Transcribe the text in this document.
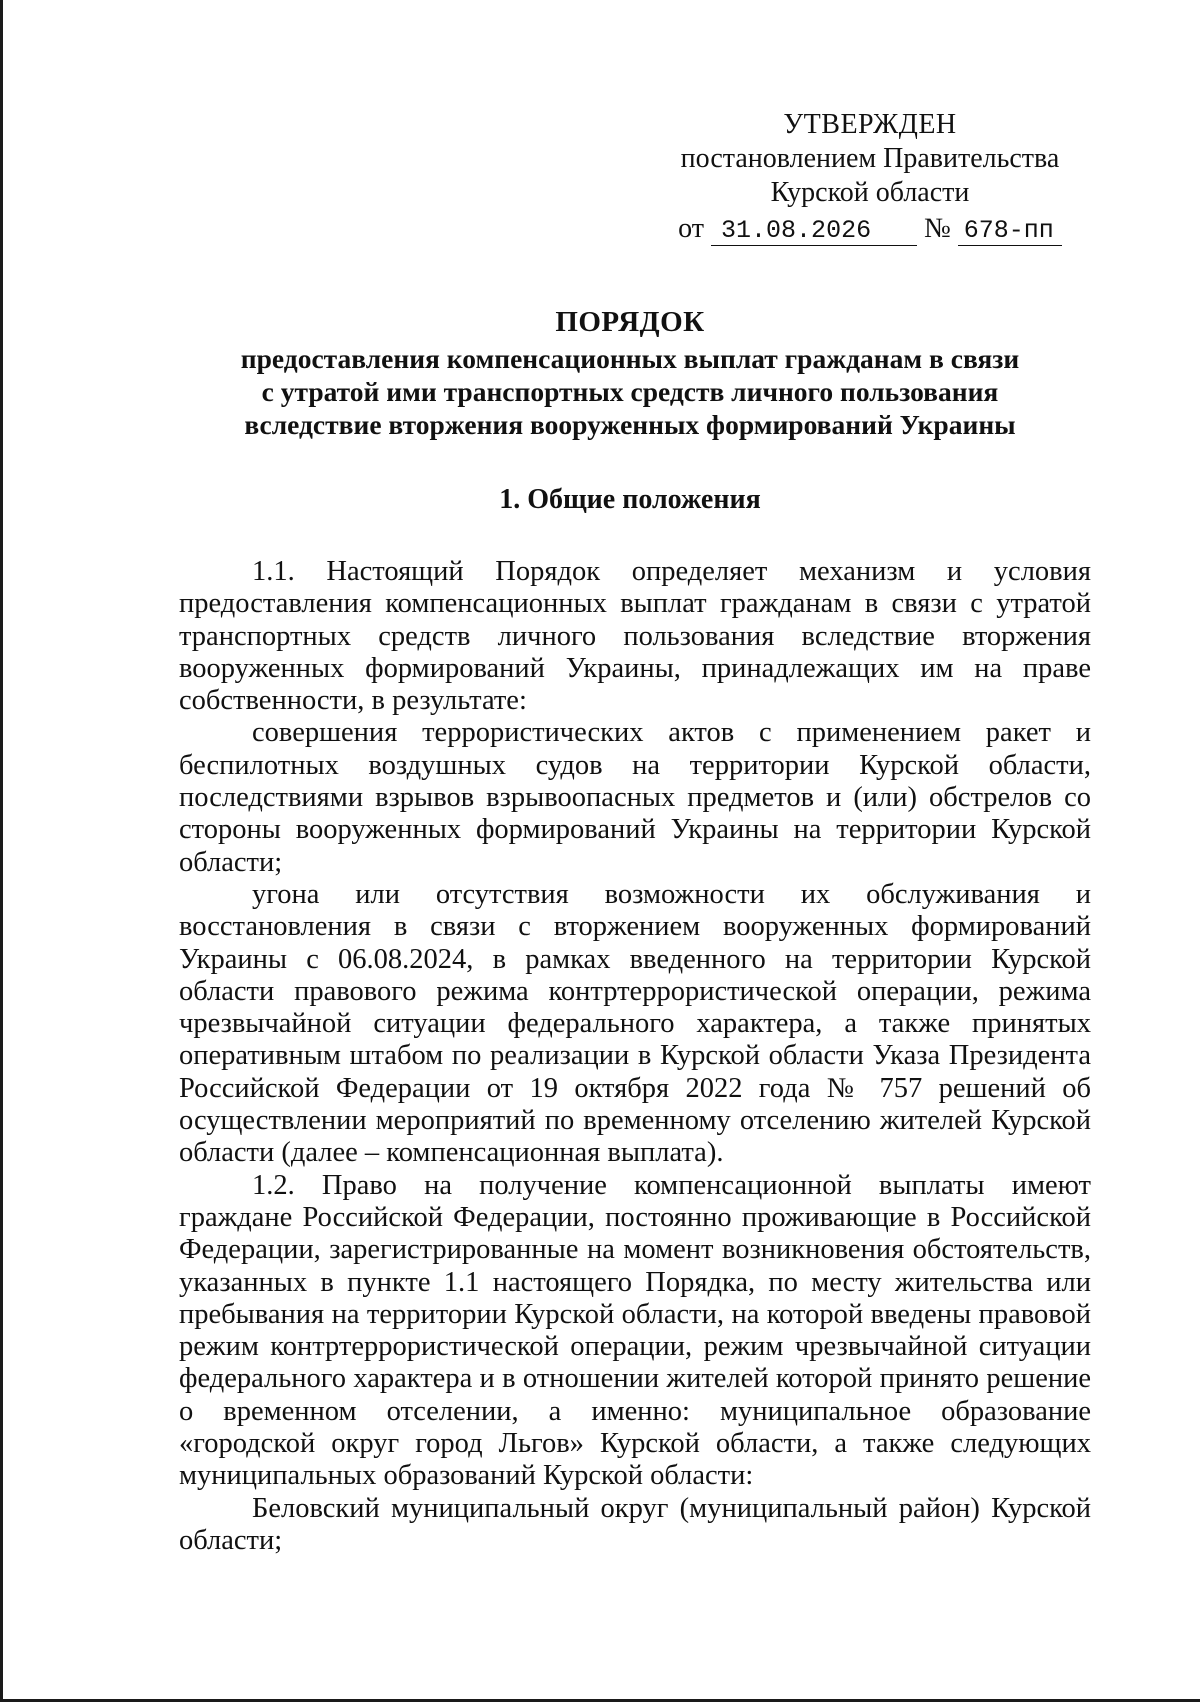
УТВЕРЖДЕН
постановлением Правительства
Курской области
от 31.08.2026 № 678-пп
ПОРЯДОК
предоставления компенсационных выплат гражданам в связи
с утратой ими транспортных средств личного пользования
вследствие вторжения вооруженных формирований Украины
1. Общие положения

1.1. Настоящий Порядок определяет механизм и условия предоставления компенсационных выплат гражданам в связи с утратой транспортных средств личного пользования вследствие вторжения вооруженных формирований Украины, принадлежащих им на праве собственности, в результате:

совершения террористических актов с применением ракет и беспилотных воздушных судов на территории Курской области, последствиями взрывов взрывоопасных предметов и (или) обстрелов со стороны вооруженных формирований Украины на территории Курской области;

угона или отсутствия возможности их обслуживания и восстановления в связи с вторжением вооруженных формирований Украины с 06.08.2024, в рамках введенного на территории Курской области правового режима контртеррористической операции, режима чрезвычайной ситуации федерального характера, а также принятых оперативным штабом по реализации в Курской области Указа Президента Российской Федерации от 19 октября 2022 года № 757 решений об осуществлении мероприятий по временному отселению жителей Курской области (далее – компенсационная выплата).

1.2. Право на получение компенсационной выплаты имеют граждане Российской Федерации, постоянно проживающие в Российской Федерации, зарегистрированные на момент возникновения обстоятельств, указанных в пункте 1.1 настоящего Порядка, по месту жительства или пребывания на территории Курской области, на которой введены правовой режим контртеррористической операции, режим чрезвычайной ситуации федерального характера и в отношении жителей которой принято решение о временном отселении, а именно: муниципальное образование «городской округ город Льгов» Курской области, а также следующих муниципальных образований Курской области:

Беловский муниципальный округ (муниципальный район) Курской области;
